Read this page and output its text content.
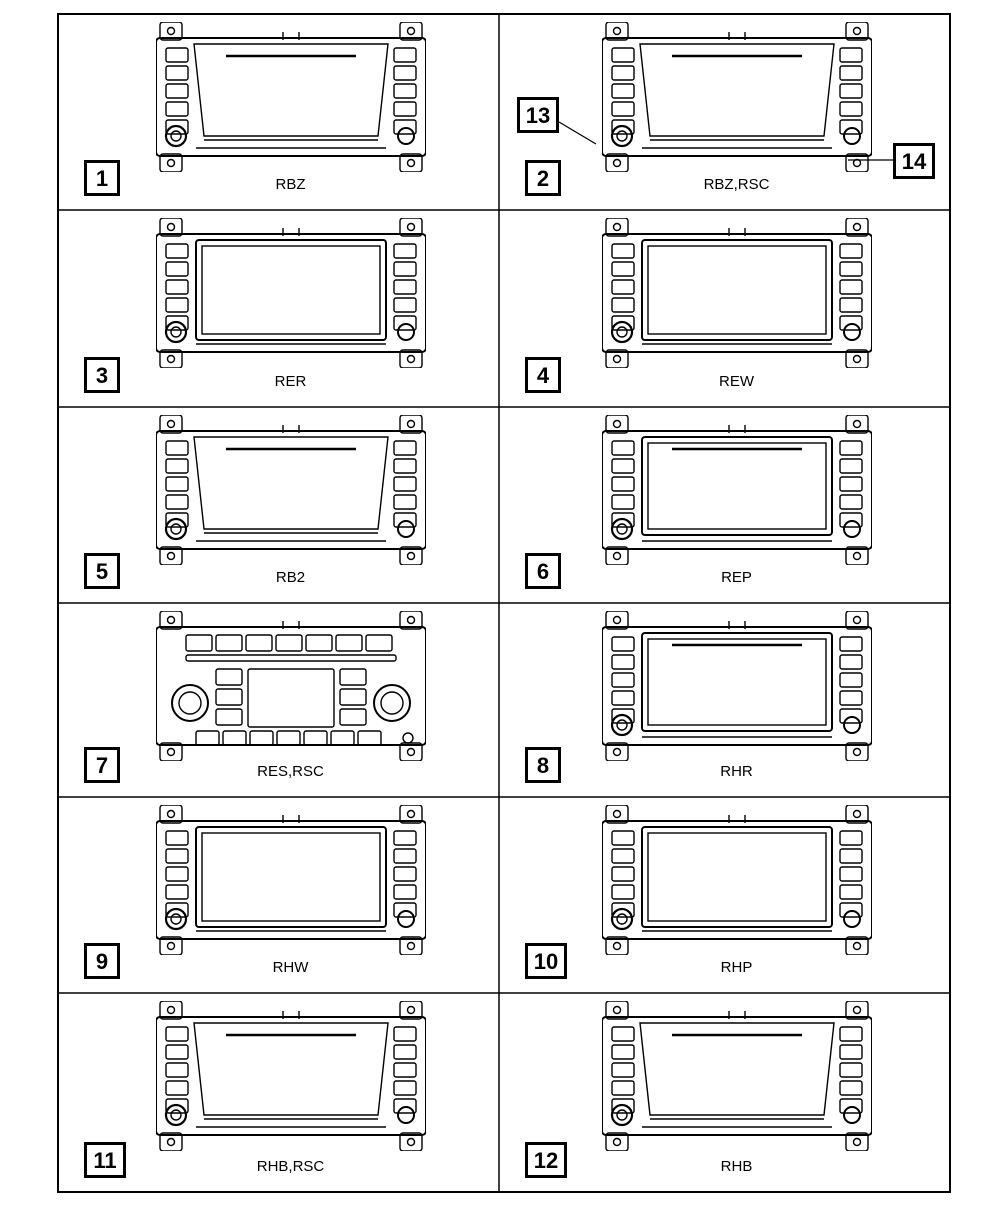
13
14
1	RBZ	2	RBZ,RSC
3	RER	4	REW
5	RB2	6	REP
7	RES,RSC	8	RHR
9	RHW	10	RHP
11	RHB,RSC	12	RHB
